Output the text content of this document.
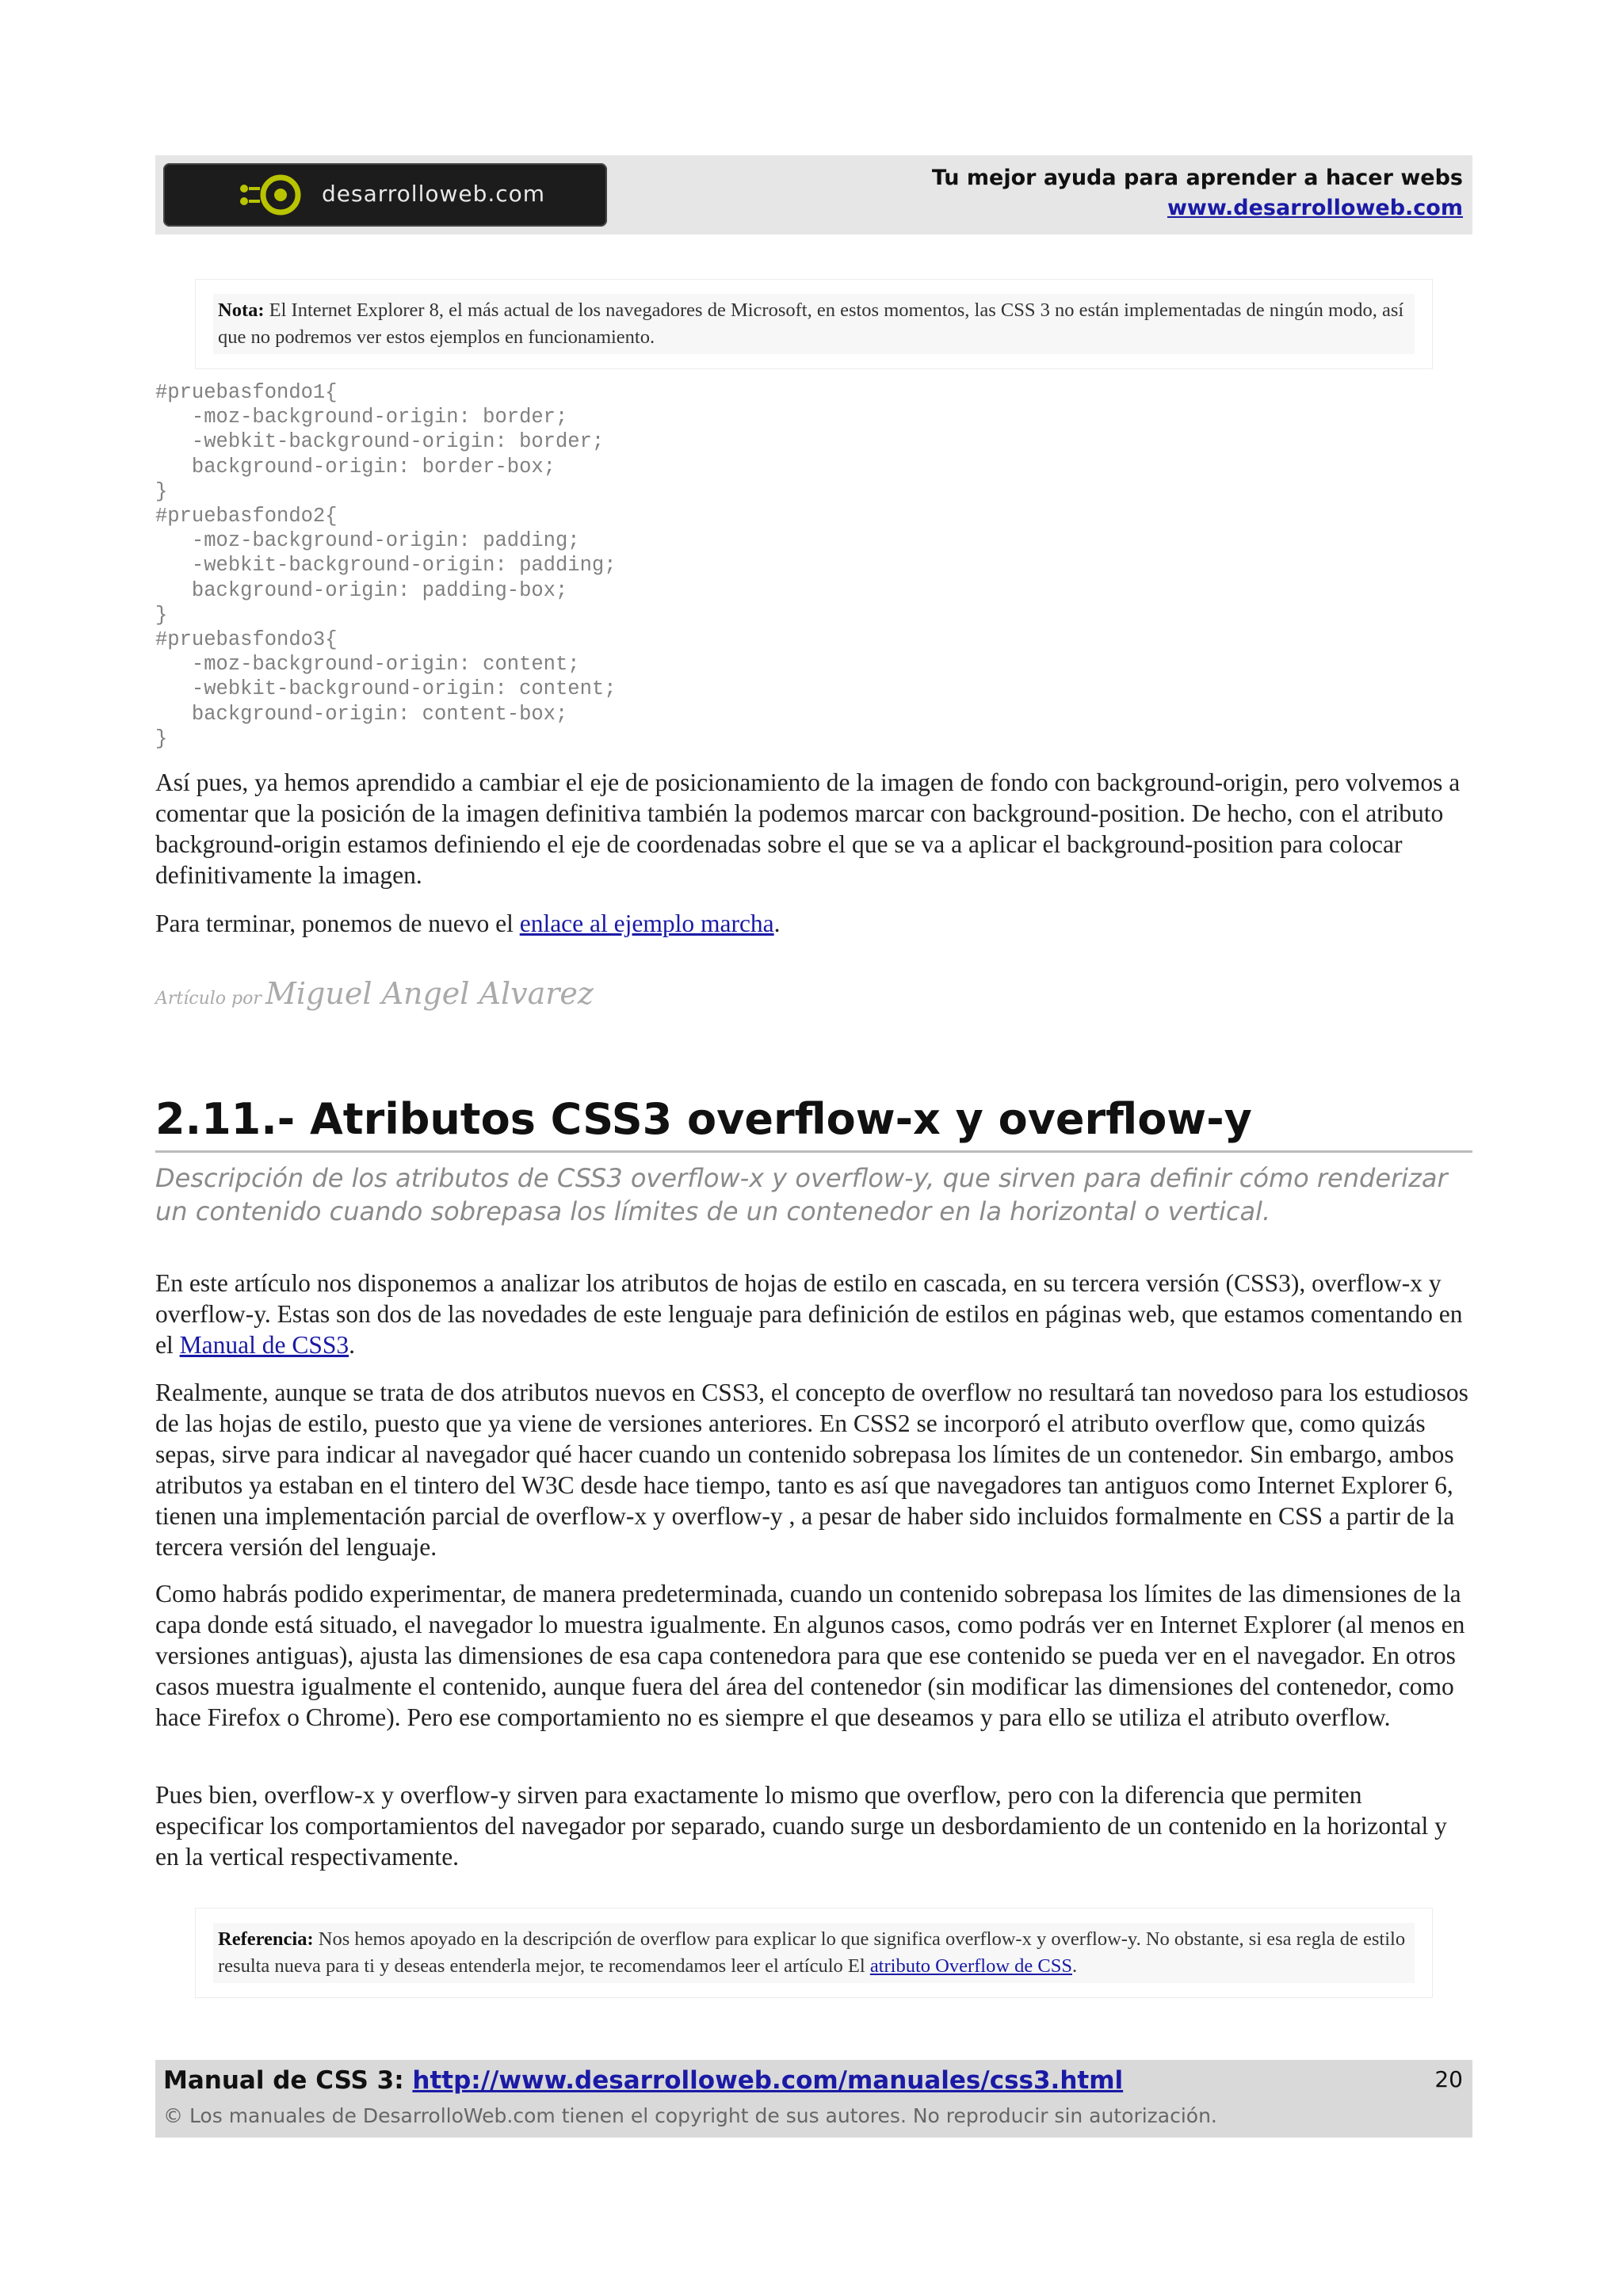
desarrolloweb.com
Tu mejor ayuda para aprender a hacer webs
www.desarrolloweb.com
Nota: El Internet Explorer 8, el más actual de los navegadores de Microsoft, en estos momentos, las CSS 3 no están implementadas de ningún modo, así que no podremos ver estos ejemplos en funcionamiento.
#pruebasfondo1{
-moz-background-origin: border;
-webkit-background-origin: border;
background-origin: border-box;
}
#pruebasfondo2{
-moz-background-origin: padding;
-webkit-background-origin: padding;
background-origin: padding-box;
}
#pruebasfondo3{
-moz-background-origin: content;
-webkit-background-origin: content;
background-origin: content-box;
}

Así pues, ya hemos aprendido a cambiar el eje de posicionamiento de la imagen de fondo con background-origin, pero volvemos a comentar que la posición de la imagen definitiva también la podemos marcar con background-position. De hecho, con el atributo background-origin estamos definiendo el eje de coordenadas sobre el que se va a aplicar el background-position para colocar definitivamente la imagen.

Para terminar, ponemos de nuevo el enlace al ejemplo marcha.

Artículo por Miguel Angel Alvarez
2.11.- Atributos CSS3 overflow-x y overflow-y

Descripción de los atributos de CSS3 overflow-x y overflow-y, que sirven para definir cómo renderizar un contenido cuando sobrepasa los límites de un contenedor en la horizontal o vertical.

En este artículo nos disponemos a analizar los atributos de hojas de estilo en cascada, en su tercera versión (CSS3), overflow-x y overflow-y. Estas son dos de las novedades de este lenguaje para definición de estilos en páginas web, que estamos comentando en el Manual de CSS3.

Realmente, aunque se trata de dos atributos nuevos en CSS3, el concepto de overflow no resultará tan novedoso para los estudiosos de las hojas de estilo, puesto que ya viene de versiones anteriores. En CSS2 se incorporó el atributo overflow que, como quizás sepas, sirve para indicar al navegador qué hacer cuando un contenido sobrepasa los límites de un contenedor. Sin embargo, ambos atributos ya estaban en el tintero del W3C desde hace tiempo, tanto es así que navegadores tan antiguos como Internet Explorer 6, tienen una implementación parcial de overflow-x y overflow-y , a pesar de haber sido incluidos formalmente en CSS a partir de la tercera versión del lenguaje.

Como habrás podido experimentar, de manera predeterminada, cuando un contenido sobrepasa los límites de las dimensiones de la capa donde está situado, el navegador lo muestra igualmente. En algunos casos, como podrás ver en Internet Explorer (al menos en versiones antiguas), ajusta las dimensiones de esa capa contenedora para que ese contenido se pueda ver en el navegador. En otros casos muestra igualmente el contenido, aunque fuera del área del contenedor (sin modificar las dimensiones del contenedor, como hace Firefox o Chrome). Pero ese comportamiento no es siempre el que deseamos y para ello se utiliza el atributo overflow.

Pues bien, overflow-x y overflow-y sirven para exactamente lo mismo que overflow, pero con la diferencia que permiten especificar los comportamientos del navegador por separado, cuando surge un desbordamiento de un contenido en la horizontal y en la vertical respectivamente.

Referencia: Nos hemos apoyado en la descripción de overflow para explicar lo que significa overflow-x y overflow-y. No obstante, si esa regla de estilo resulta nueva para ti y deseas entenderla mejor, te recomendamos leer el artículo El atributo Overflow de CSS.
Manual de CSS 3: http://www.desarrolloweb.com/manuales/css3.html
© Los manuales de DesarrolloWeb.com tienen el copyright de sus autores. No reproducir sin autorización.
20
